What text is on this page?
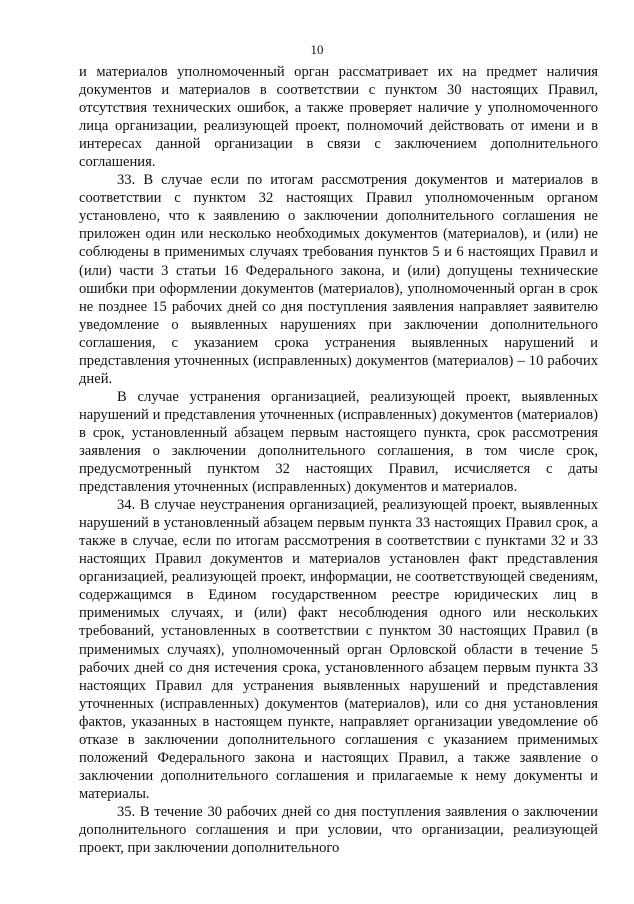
10

и материалов уполномоченный орган рассматривает их на предмет наличия документов и материалов в соответствии с пунктом 30 настоящих Правил, отсутствия технических ошибок, а также проверяет наличие у уполномоченного лица организации, реализующей проект, полномочий действовать от имени и в интересах данной организации в связи с заключением дополнительного соглашения.

33. В случае если по итогам рассмотрения документов и материалов в соответствии с пунктом 32 настоящих Правил уполномоченным органом установлено, что к заявлению о заключении дополнительного соглашения не приложен один или несколько необходимых документов (материалов), и (или) не соблюдены в применимых случаях требования пунктов 5 и 6 настоящих Правил и (или) части 3 статьи 16 Федерального закона, и (или) допущены технические ошибки при оформлении документов (материалов), уполномоченный орган в срок не позднее 15 рабочих дней со дня поступления заявления направляет заявителю уведомление о выявленных нарушениях при заключении дополнительного соглашения, с указанием срока устранения выявленных нарушений и представления уточненных (исправленных) документов (материалов) – 10 рабочих дней.

В случае устранения организацией, реализующей проект, выявленных нарушений и представления уточненных (исправленных) документов (материалов) в срок, установленный абзацем первым настоящего пункта, срок рассмотрения заявления о заключении дополнительного соглашения, в том числе срок, предусмотренный пунктом 32 настоящих Правил, исчисляется с даты представления уточненных (исправленных) документов и материалов.

34. В случае неустранения организацией, реализующей проект, выявленных нарушений в установленный абзацем первым пункта 33 настоящих Правил срок, а также в случае, если по итогам рассмотрения в соответствии с пунктами 32 и 33 настоящих Правил документов и материалов установлен факт представления организацией, реализующей проект, информации, не соответствующей сведениям, содержащимся в Едином государственном реестре юридических лиц в применимых случаях, и (или) факт несоблюдения одного или нескольких требований, установленных в соответствии с пунктом 30 настоящих Правил (в применимых случаях), уполномоченный орган Орловской области в течение 5 рабочих дней со дня истечения срока, установленного абзацем первым пункта 33 настоящих Правил для устранения выявленных нарушений и представления уточненных (исправленных) документов (материалов), или со дня установления фактов, указанных в настоящем пункте, направляет организации уведомление об отказе в заключении дополнительного соглашения с указанием применимых положений Федерального закона и настоящих Правил, а также заявление о заключении дополнительного соглашения и прилагаемые к нему документы и материалы.

35. В течение 30 рабочих дней со дня поступления заявления о заключении дополнительного соглашения и при условии, что организации, реализующей проект, при заключении дополнительного
